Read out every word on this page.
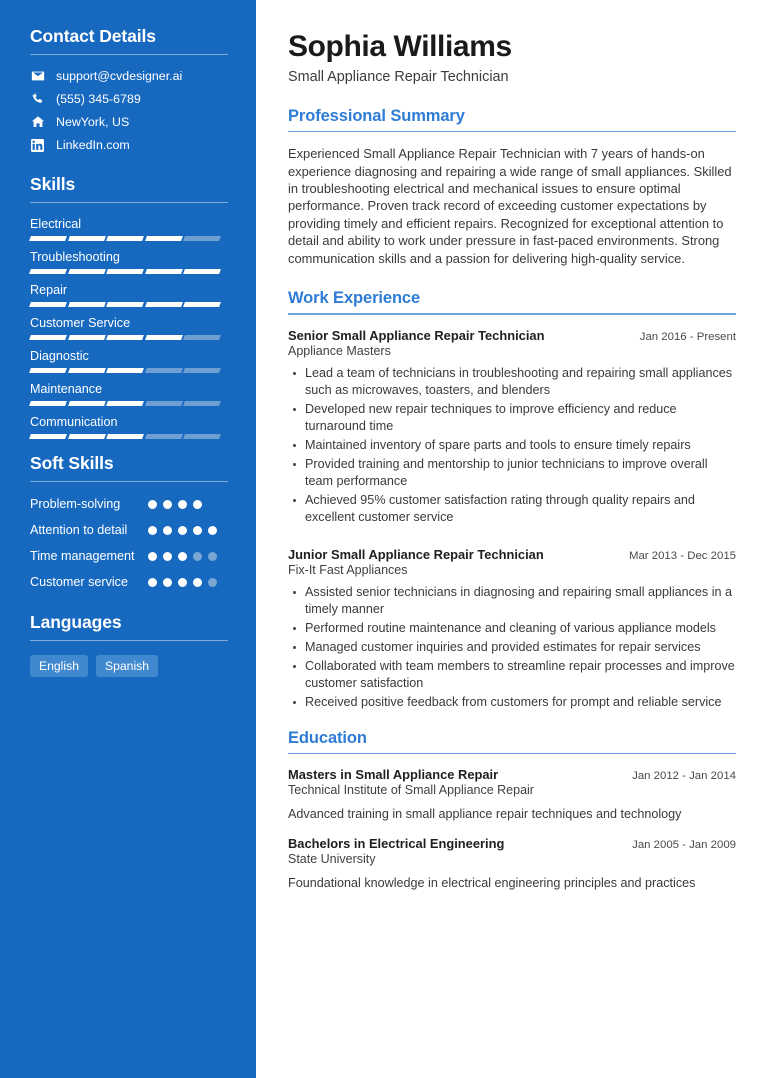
Contact Details
support@cvdesigner.ai
(555) 345-6789
NewYork, US
LinkedIn.com
Skills
Electrical
Troubleshooting
Repair
Customer Service
Diagnostic
Maintenance
Communication
Soft Skills
Problem-solving
Attention to detail
Time management
Customer service
Languages
English	Spanish
Sophia Williams
Small Appliance Repair Technician
Professional Summary

Experienced Small Appliance Repair Technician with 7 years of hands-on experience diagnosing and repairing a wide range of small appliances. Skilled in troubleshooting electrical and mechanical issues to ensure optimal performance. Proven track record of exceeding customer expectations by providing timely and efficient repairs. Recognized for exceptional attention to detail and ability to work under pressure in fast-paced environments. Strong communication skills and a passion for delivering high-quality service.

Work Experience
Senior Small Appliance Repair Technician	Jan 2016 - Present
Appliance Masters
Lead a team of technicians in troubleshooting and repairing small appliances such as microwaves, toasters, and blenders
Developed new repair techniques to improve efficiency and reduce turnaround time
Maintained inventory of spare parts and tools to ensure timely repairs
Provided training and mentorship to junior technicians to improve overall team performance
Achieved 95% customer satisfaction rating through quality repairs and excellent customer service
Junior Small Appliance Repair Technician	Mar 2013 - Dec 2015
Fix-It Fast Appliances
Assisted senior technicians in diagnosing and repairing small appliances in a timely manner
Performed routine maintenance and cleaning of various appliance models
Managed customer inquiries and provided estimates for repair services
Collaborated with team members to streamline repair processes and improve customer satisfaction
Received positive feedback from customers for prompt and reliable service
Education
Masters in Small Appliance Repair	Jan 2012 - Jan 2014
Technical Institute of Small Appliance Repair
Advanced training in small appliance repair techniques and technology
Bachelors in Electrical Engineering	Jan 2005 - Jan 2009
State University
Foundational knowledge in electrical engineering principles and practices
